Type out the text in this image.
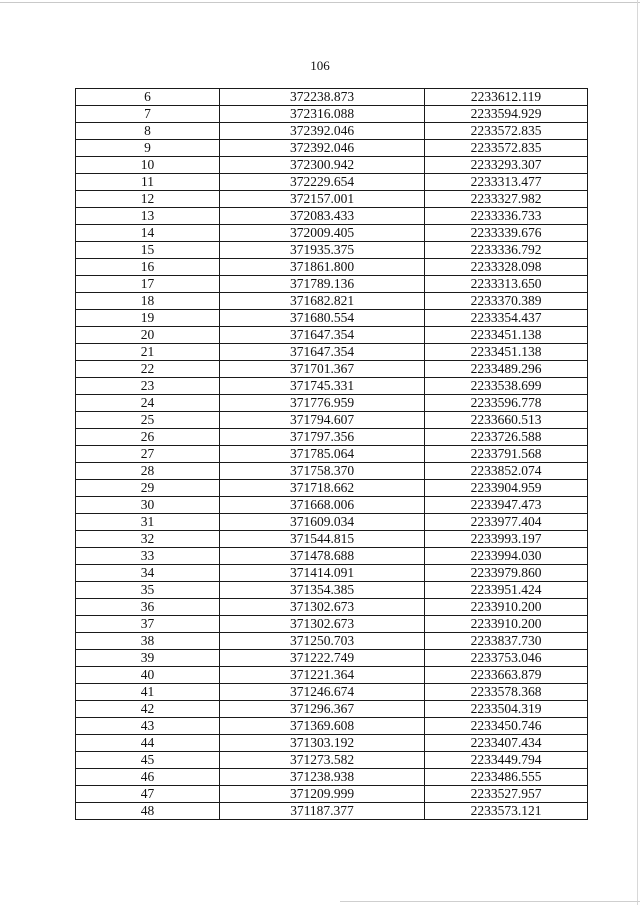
106
6	372238.873	2233612.119
7	372316.088	2233594.929
8	372392.046	2233572.835
9	372392.046	2233572.835
10	372300.942	2233293.307
11	372229.654	2233313.477
12	372157.001	2233327.982
13	372083.433	2233336.733
14	372009.405	2233339.676
15	371935.375	2233336.792
16	371861.800	2233328.098
17	371789.136	2233313.650
18	371682.821	2233370.389
19	371680.554	2233354.437
20	371647.354	2233451.138
21	371647.354	2233451.138
22	371701.367	2233489.296
23	371745.331	2233538.699
24	371776.959	2233596.778
25	371794.607	2233660.513
26	371797.356	2233726.588
27	371785.064	2233791.568
28	371758.370	2233852.074
29	371718.662	2233904.959
30	371668.006	2233947.473
31	371609.034	2233977.404
32	371544.815	2233993.197
33	371478.688	2233994.030
34	371414.091	2233979.860
35	371354.385	2233951.424
36	371302.673	2233910.200
37	371302.673	2233910.200
38	371250.703	2233837.730
39	371222.749	2233753.046
40	371221.364	2233663.879
41	371246.674	2233578.368
42	371296.367	2233504.319
43	371369.608	2233450.746
44	371303.192	2233407.434
45	371273.582	2233449.794
46	371238.938	2233486.555
47	371209.999	2233527.957
48	371187.377	2233573.121
